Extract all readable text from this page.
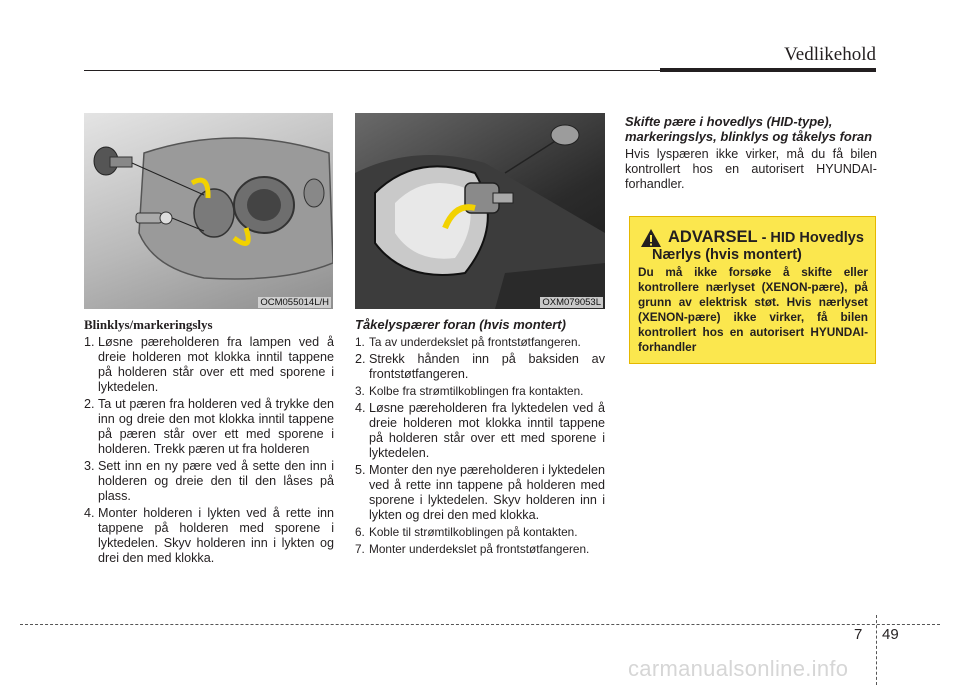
Vedlikehold
OCM055014L/H	OXM079053L
Blinklys/markeringslys
1. Løsne pæreholderen fra lampen ved å dreie holderen mot klokka inntil tappene på holderen står over ett med sporene i lyktedelen.
2. Ta ut pæren fra holderen ved å trykke den inn og dreie den mot klokka inntil tappene på pæren står over ett med sporene i holderen. Trekk pæren ut fra holderen
3. Sett inn en ny pære ved å sette den inn i holderen og dreie den til den låses på plass.
4. Monter holderen i lykten ved å rette inn tappene på holderen med sporene i lyktedelen. Skyv holderen inn i lykten og drei den med klokka.
Tåkelyspærer foran (hvis montert)
1. Ta av underdekslet på frontstøtfangeren.
2. Strekk hånden inn på baksiden av frontstøtfangeren.
3. Kolbe fra strømtilkoblingen fra kontakten.
4. Løsne pæreholderen fra lyktedelen ved å dreie holderen mot klokka inntil tappene på holderen står over ett med sporene i lyktedelen.
5. Monter den nye pæreholderen i lyktedelen ved å rette inn tappene på holderen med sporene i lyktedelen. Skyv holderen inn i lykten og drei den med klokka.
6. Koble til strømtilkoblingen på kontakten.
7. Monter underdekslet på frontstøtfangeren.
Skifte pære i hovedlys (HID-type), markeringslys, blinklys og tåkelys foran

Hvis lyspæren ikke virker, må du få bilen kontrollert hos en autorisert HYUNDAI-forhandler.

ADVARSEL - HID Hovedlys
Nærlys (hvis montert)
Du må ikke forsøke å skifte eller kontrollere nærlyset (XENON-pære), på grunn av elektrisk støt. Hvis nærlyset (XENON-pære) ikke virker, få bilen kontrollert hos en autorisert HYUNDAI-forhandler
7 49
carmanualsonline.info
